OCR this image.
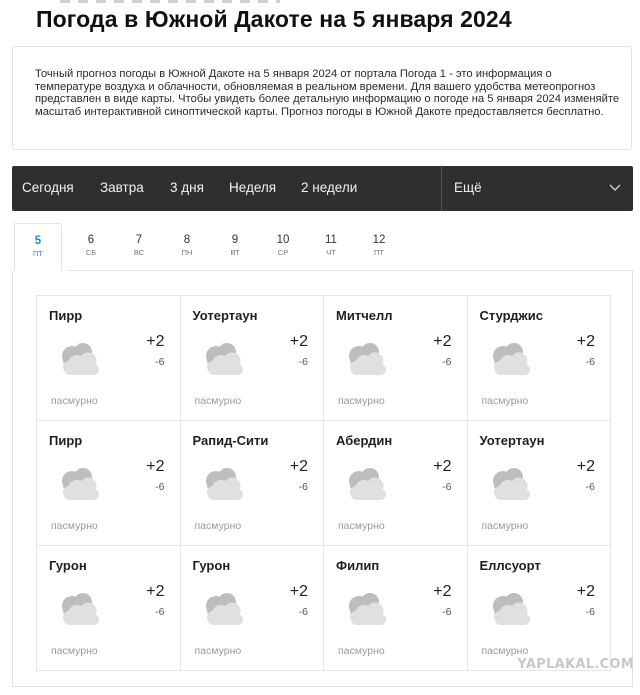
Погода в Южной Дакоте на 5 января 2024

Точный прогноз погоды в Южной Дакоте на 5 января 2024 от портала Погода 1 - это информация о температуре воздуха и облачности, обновляемая в реальном времени. Для вашего удобства метеопрогноз представлен в виде карты. Чтобы увидеть более детальную информацию о погоде на 5 января 2024 изменяйте масштаб интерактивной синоптической карты. Прогноз погоды в Южной Дакоте предоставляется бесплатно.

Сегодня Завтра 3 дня Неделя 2 недели	Ещё
5
ПТ
6
СБ
7
ВС
8
ПН
9
ВТ
10
СР
11
ЧТ
12
ПТ
Пирр
+2
-6
пасмурно
Уотертаун
+2
-6
пасмурно
Митчелл
+2
-6
пасмурно
Стурджис
+2
-6
пасмурно
Пирр
+2
-6
пасмурно
Рапид-Сити
+2
-6
пасмурно
Абердин
+2
-6
пасмурно
Уотертаун
+2
-6
пасмурно
Гурон
+2
-6
пасмурно
Гурон
+2
-6
пасмурно
Филип
+2
-6
пасмурно
Еллсуорт
+2
-6
пасмурно
YAPLAKAL.COM
